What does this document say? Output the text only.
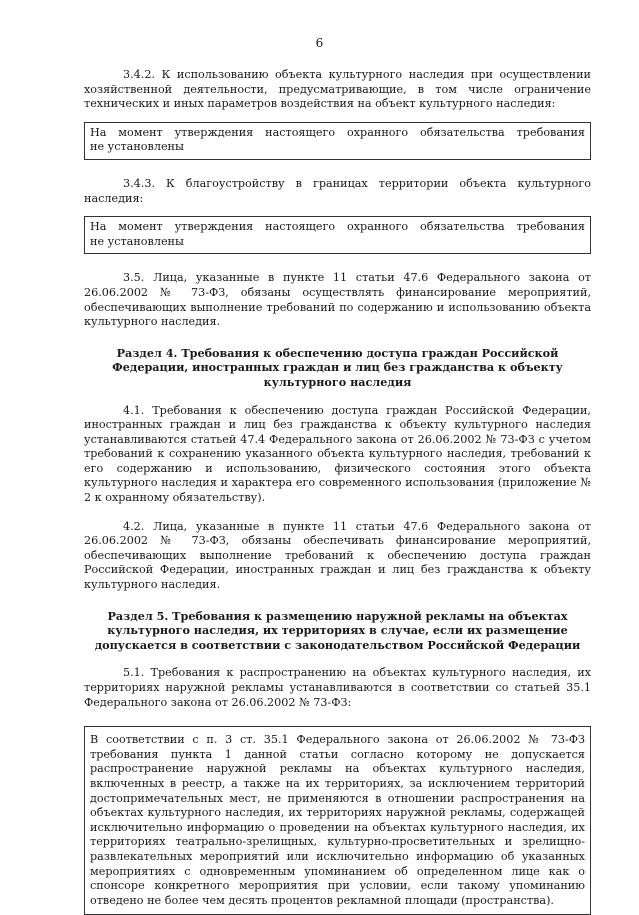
6

3.4.2. К использованию объекта культурного наследия при осуществлении хозяйственной деятельности, предусматривающие, в том числе ограничение технических и иных параметров воздействия на объект культурного наследия:

На момент утверждения настоящего охранного обязательства требования

не установлены

3.4.3. К благоустройству в границах территории объекта культурного наследия:

На момент утверждения настоящего охранного обязательства требования

не установлены

3.5. Лица, указанные в пункте 11 статьи 47.6 Федерального закона от 26.06.2002 № 73-ФЗ, обязаны осуществлять финансирование мероприятий, обеспечивающих выполнение требований по содержанию и использованию объекта культурного наследия.

Раздел 4. Требования к обеспечению доступа граждан Российской Федерации, иностранных граждан и лиц без гражданства к объекту культурного наследия

4.1. Требования к обеспечению доступа граждан Российской Федерации, иностранных граждан и лиц без гражданства к объекту культурного наследия устанавливаются статьей 47.4 Федерального закона от 26.06.2002 № 73-ФЗ с учетом требований к сохранению указанного объекта культурного наследия, требований к его содержанию и использованию, физического состояния этого объекта культурного наследия и характера его современного использования (приложение № 2 к охранному обязательству).

4.2. Лица, указанные в пункте 11 статьи 47.6 Федерального закона от 26.06.2002 № 73-ФЗ, обязаны обеспечивать финансирование мероприятий, обеспечивающих выполнение требований к обеспечению доступа граждан Российской Федерации, иностранных граждан и лиц без гражданства к объекту культурного наследия.

Раздел 5. Требования к размещению наружной рекламы на объектах культурного наследия, их территориях в случае, если их размещение допускается в соответствии с законодательством Российской Федерации

5.1. Требования к распространению на объектах культурного наследия, их территориях наружной рекламы устанавливаются в соответствии со статьей 35.1 Федерального закона от 26.06.2002 № 73-ФЗ:

В соответствии с п. 3 ст. 35.1 Федерального закона от 26.06.2002 № 73-ФЗ требования пункта 1 данной статьи согласно которому не допускается распространение наружной рекламы на объектах культурного наследия, включенных в реестр, а также на их территориях, за исключением территорий достопримечательных мест, не применяются в отношении распространения на объектах культурного наследия, их территориях наружной рекламы, содержащей исключительно информацию о проведении на объектах культурного наследия, их территориях театрально-зрелищных, культурно-просветительных и зрелищно-развлекательных мероприятий или исключительно информацию об указанных мероприятиях с одновременным упоминанием об определенном лице как о спонсоре конкретного мероприятия при условии, если такому упоминанию отведено не более чем десять процентов рекламной площади (пространства).
